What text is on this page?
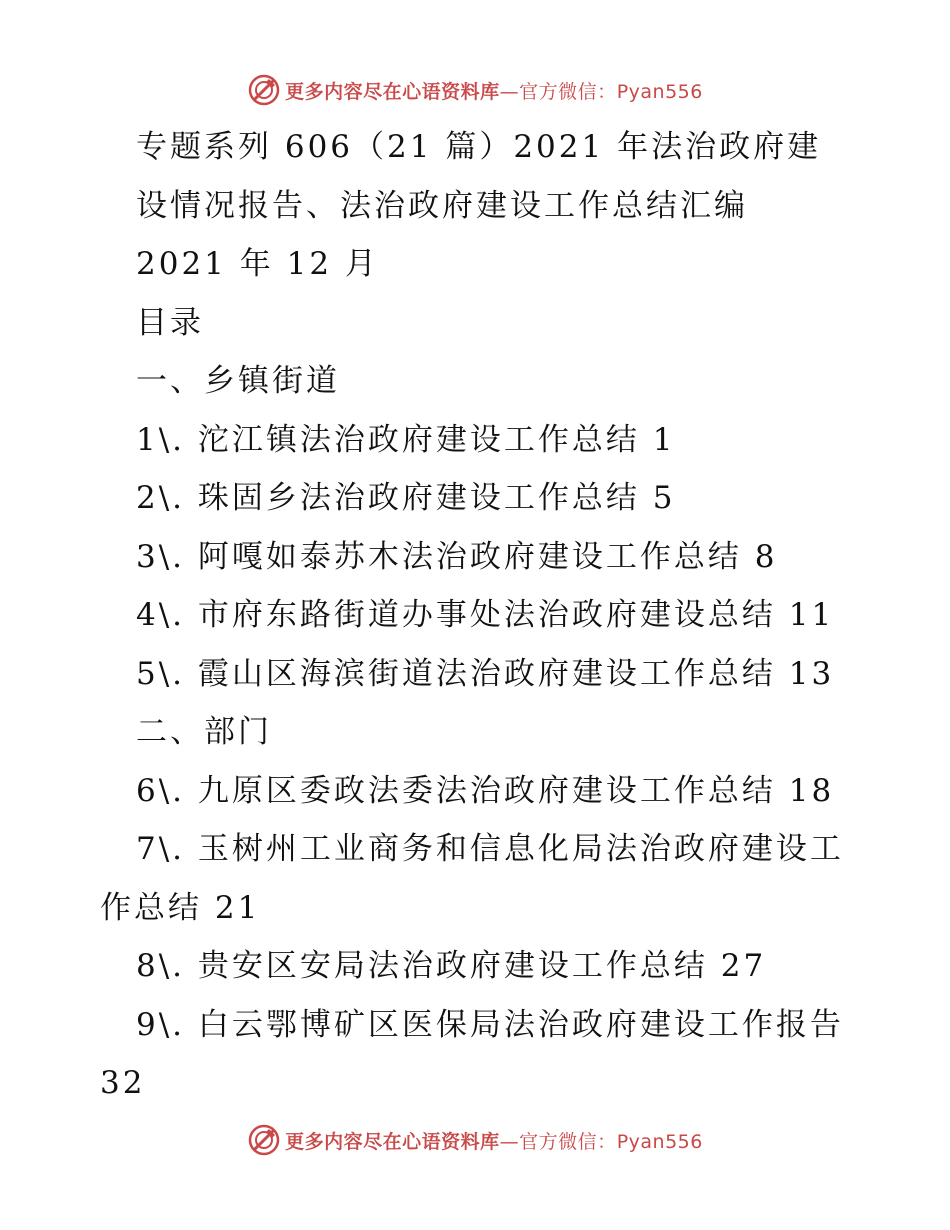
更多内容尽在心语资料库—官方微信：Pyan556
专题系列 606（21 篇）2021 年法治政府建
设情况报告、法治政府建设工作总结汇编
2021 年 12 月
目录
一、乡镇街道
1\. 沱江镇法治政府建设工作总结 1
2\. 珠固乡法治政府建设工作总结 5
3\. 阿嘎如泰苏木法治政府建设工作总结 8
4\. 市府东路街道办事处法治政府建设总结 11
5\. 霞山区海滨街道法治政府建设工作总结 13
二、部门
6\. 九原区委政法委法治政府建设工作总结 18
7\. 玉树州工业商务和信息化局法治政府建设工
作总结 21
8\. 贵安区安局法治政府建设工作总结 27
9\. 白云鄂博矿区医保局法治政府建设工作报告
32
更多内容尽在心语资料库—官方微信：Pyan556
